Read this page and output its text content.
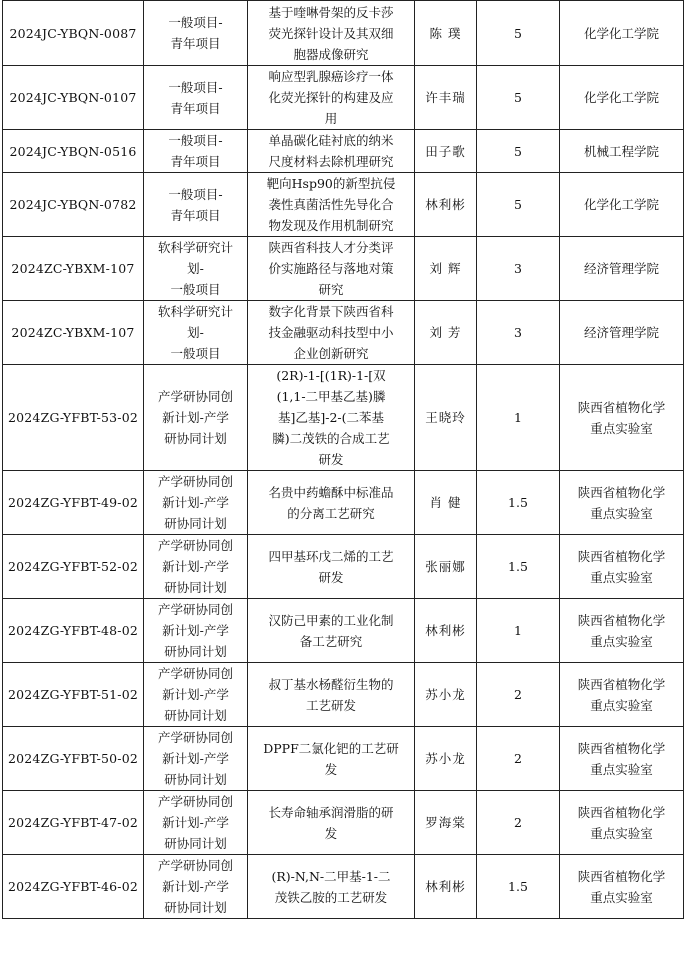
2024JC-YBQN-0087	一般项目-
青年项目	基于喹啉骨架的反卡莎
荧光探针设计及其双细
胞器成像研究	陈 璞	5	化学化工学院

2024JC-YBQN-0107	一般项目-
青年项目	响应型乳腺癌诊疗一体
化荧光探针的构建及应
用	许丰瑞	5	化学化工学院

2024JC-YBQN-0516	一般项目-
青年项目	单晶碳化硅衬底的纳米
尺度材料去除机理研究	田子歌	5	机械工程学院

2024JC-YBQN-0782	一般项目-
青年项目	靶向Hsp90的新型抗侵
袭性真菌活性先导化合
物发现及作用机制研究	林利彬	5	化学化工学院

2024ZC-YBXM-107	软科学研究计
划-
一般项目	陕西省科技人才分类评
价实施路径与落地对策
研究	刘 辉	3	经济管理学院

2024ZC-YBXM-107	软科学研究计
划-
一般项目	数字化背景下陕西省科
技金融驱动科技型中小
企业创新研究	刘 芳	3	经济管理学院

2024ZG-YFBT-53-02	产学研协同创
新计划-产学
研协同计划	(2R)-1-[(1R)-1-[双
(1,1-二甲基乙基)膦
基]乙基]-2-(二苯基
膦)二茂铁的合成工艺
研发	王晓玲	1	陕西省植物化学
重点实验室

2024ZG-YFBT-49-02	产学研协同创
新计划-产学
研协同计划	名贵中药蟾酥中标准品
的分离工艺研究	肖 健	1.5	陕西省植物化学
重点实验室

2024ZG-YFBT-52-02	产学研协同创
新计划-产学
研协同计划	四甲基环戊二烯的工艺
研发	张丽娜	1.5	陕西省植物化学
重点实验室

2024ZG-YFBT-48-02	产学研协同创
新计划-产学
研协同计划	汉防己甲素的工业化制
备工艺研究	林利彬	1	陕西省植物化学
重点实验室

2024ZG-YFBT-51-02	产学研协同创
新计划-产学
研协同计划	叔丁基水杨醛衍生物的
工艺研发	苏小龙	2	陕西省植物化学
重点实验室

2024ZG-YFBT-50-02	产学研协同创
新计划-产学
研协同计划	DPPF二氯化钯的工艺研
发	苏小龙	2	陕西省植物化学
重点实验室

2024ZG-YFBT-47-02	产学研协同创
新计划-产学
研协同计划	长寿命轴承润滑脂的研
发	罗海棠	2	陕西省植物化学
重点实验室

2024ZG-YFBT-46-02	产学研协同创
新计划-产学
研协同计划	(R)-N,N-二甲基-1-二
茂铁乙胺的工艺研发	林利彬	1.5	陕西省植物化学
重点实验室
